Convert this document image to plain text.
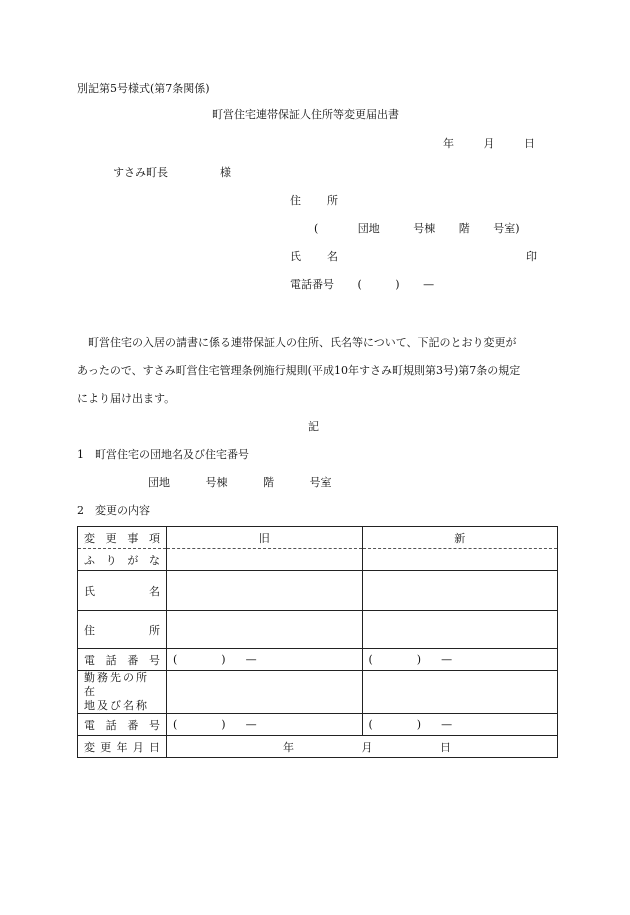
別記第5号様式(第7条関係)
町営住宅連帯保証人住所等変更届出書
年	月	日
すさみ町長	様
住 所
(	団地	号棟 階 号室)
氏 名	印
電話番号 (	) —
町営住宅の入居の請書に係る連帯保証人の住所、氏名等について、下記のとおり変更が
あったので、すさみ町営住宅管理条例施行規則(平成10年すさみ町規則第3号)第7条の規定
により届け出ます。
記
1　町営住宅の団地名及び住宅番号
団地	号棟	階	号室
2　変更の内容
変 更 事 項	旧	新

ふ り が な		

氏 名		

住 所		

電 話 番 号	( ) —	( ) —

勤務先の所在
地及び名称		

電 話 番 号	( ) —	( ) —

変 更 年 月 日	年 月 日	
